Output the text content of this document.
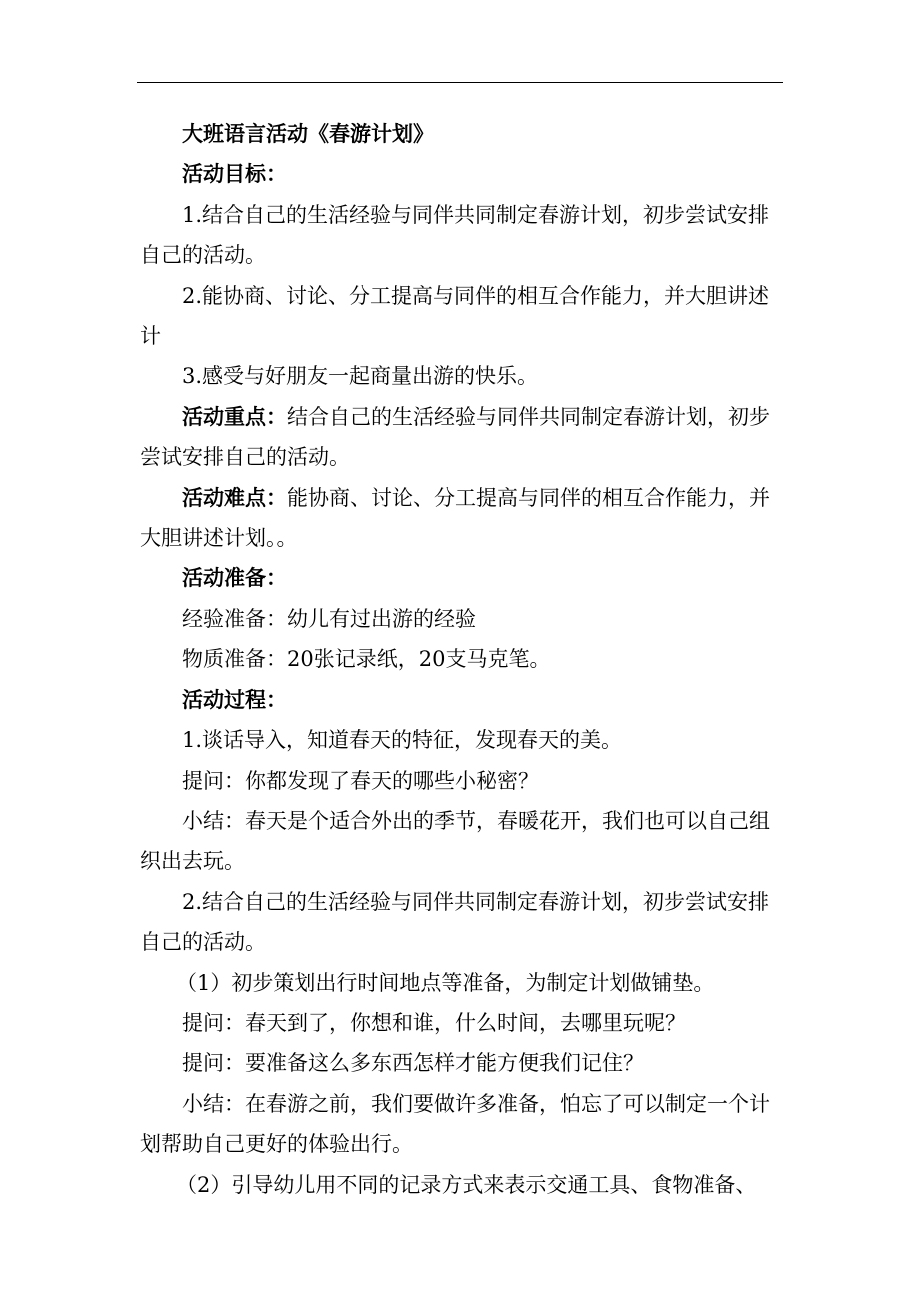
大班语言活动《春游计划》

活动目标：

1.结合自己的生活经验与同伴共同制定春游计划，初步尝试安排自己的活动。

2.能协商、讨论、分工提高与同伴的相互合作能力，并大胆讲述计

3.感受与好朋友一起商量出游的快乐。

活动重点：结合自己的生活经验与同伴共同制定春游计划，初步尝试安排自己的活动。

活动难点：能协商、讨论、分工提高与同伴的相互合作能力，并大胆讲述计划。。

活动准备：

经验准备：幼儿有过出游的经验

物质准备：20张记录纸，20支马克笔。

活动过程：

1.谈话导入，知道春天的特征，发现春天的美。

提问：你都发现了春天的哪些小秘密？

小结：春天是个适合外出的季节，春暖花开，我们也可以自己组织出去玩。

2.结合自己的生活经验与同伴共同制定春游计划，初步尝试安排自己的活动。

（1）初步策划出行时间地点等准备，为制定计划做铺垫。

提问：春天到了，你想和谁，什么时间，去哪里玩呢？

提问：要准备这么多东西怎样才能方便我们记住？

小结：在春游之前，我们要做许多准备，怕忘了可以制定一个计划帮助自己更好的体验出行。

（2）引导幼儿用不同的记录方式来表示交通工具、食物准备、
